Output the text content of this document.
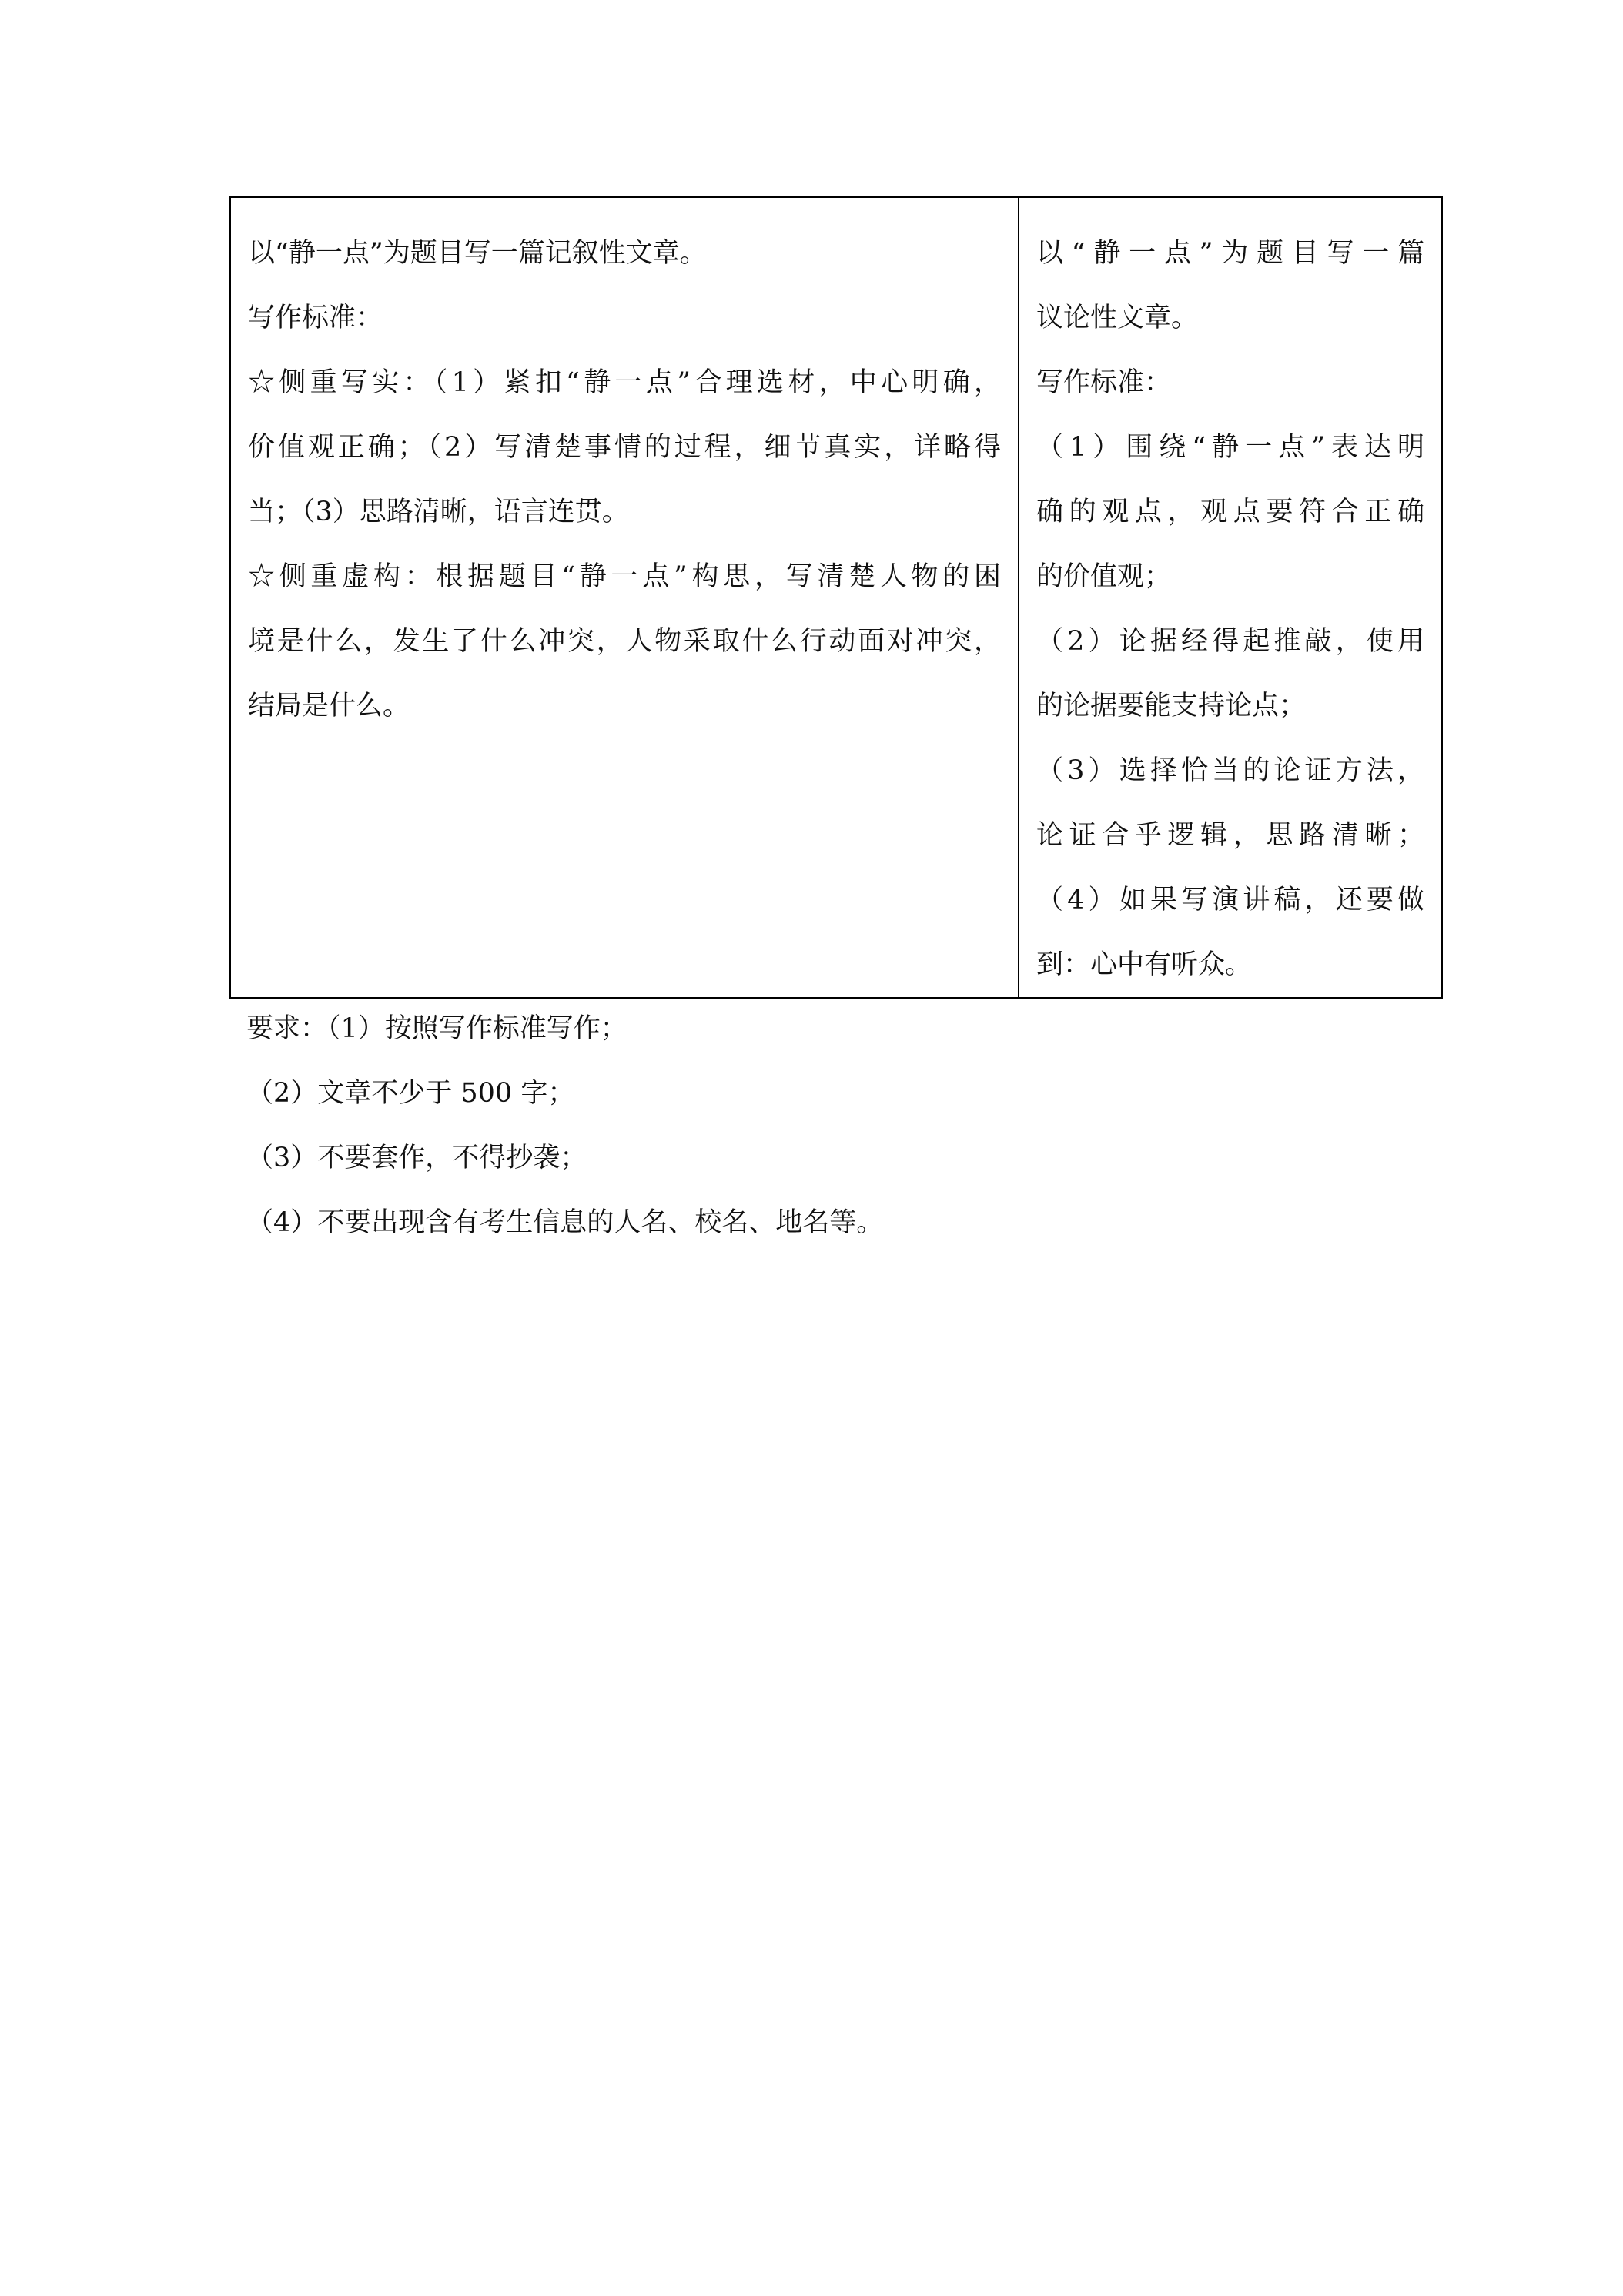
以“静一点”为题目写一篇记叙性文章。
写作标准：
☆侧重写实：（1）紧扣“静一点”合理选材，中心明确，
价值观正确；（2）写清楚事情的过程，细节真实，详略得
当；（3）思路清晰，语言连贯。
☆侧重虚构：根据题目“静一点”构思，写清楚人物的困
境是什么，发生了什么冲突，人物采取什么行动面对冲突，
结局是什么。

以“静一点”为题目写一篇
议论性文章。
写作标准：
（1）围绕“静一点”表达明
确的观点，观点要符合正确
的价值观；
（2）论据经得起推敲，使用
的论据要能支持论点；
（3）选择恰当的论证方法，
论证合乎逻辑，思路清晰；
（4）如果写演讲稿，还要做
到：心中有听众。
要求：（1）按照写作标准写作；
（2）文章不少于 500 字；
（3）不要套作，不得抄袭；
（4）不要出现含有考生信息的人名、校名、地名等。
